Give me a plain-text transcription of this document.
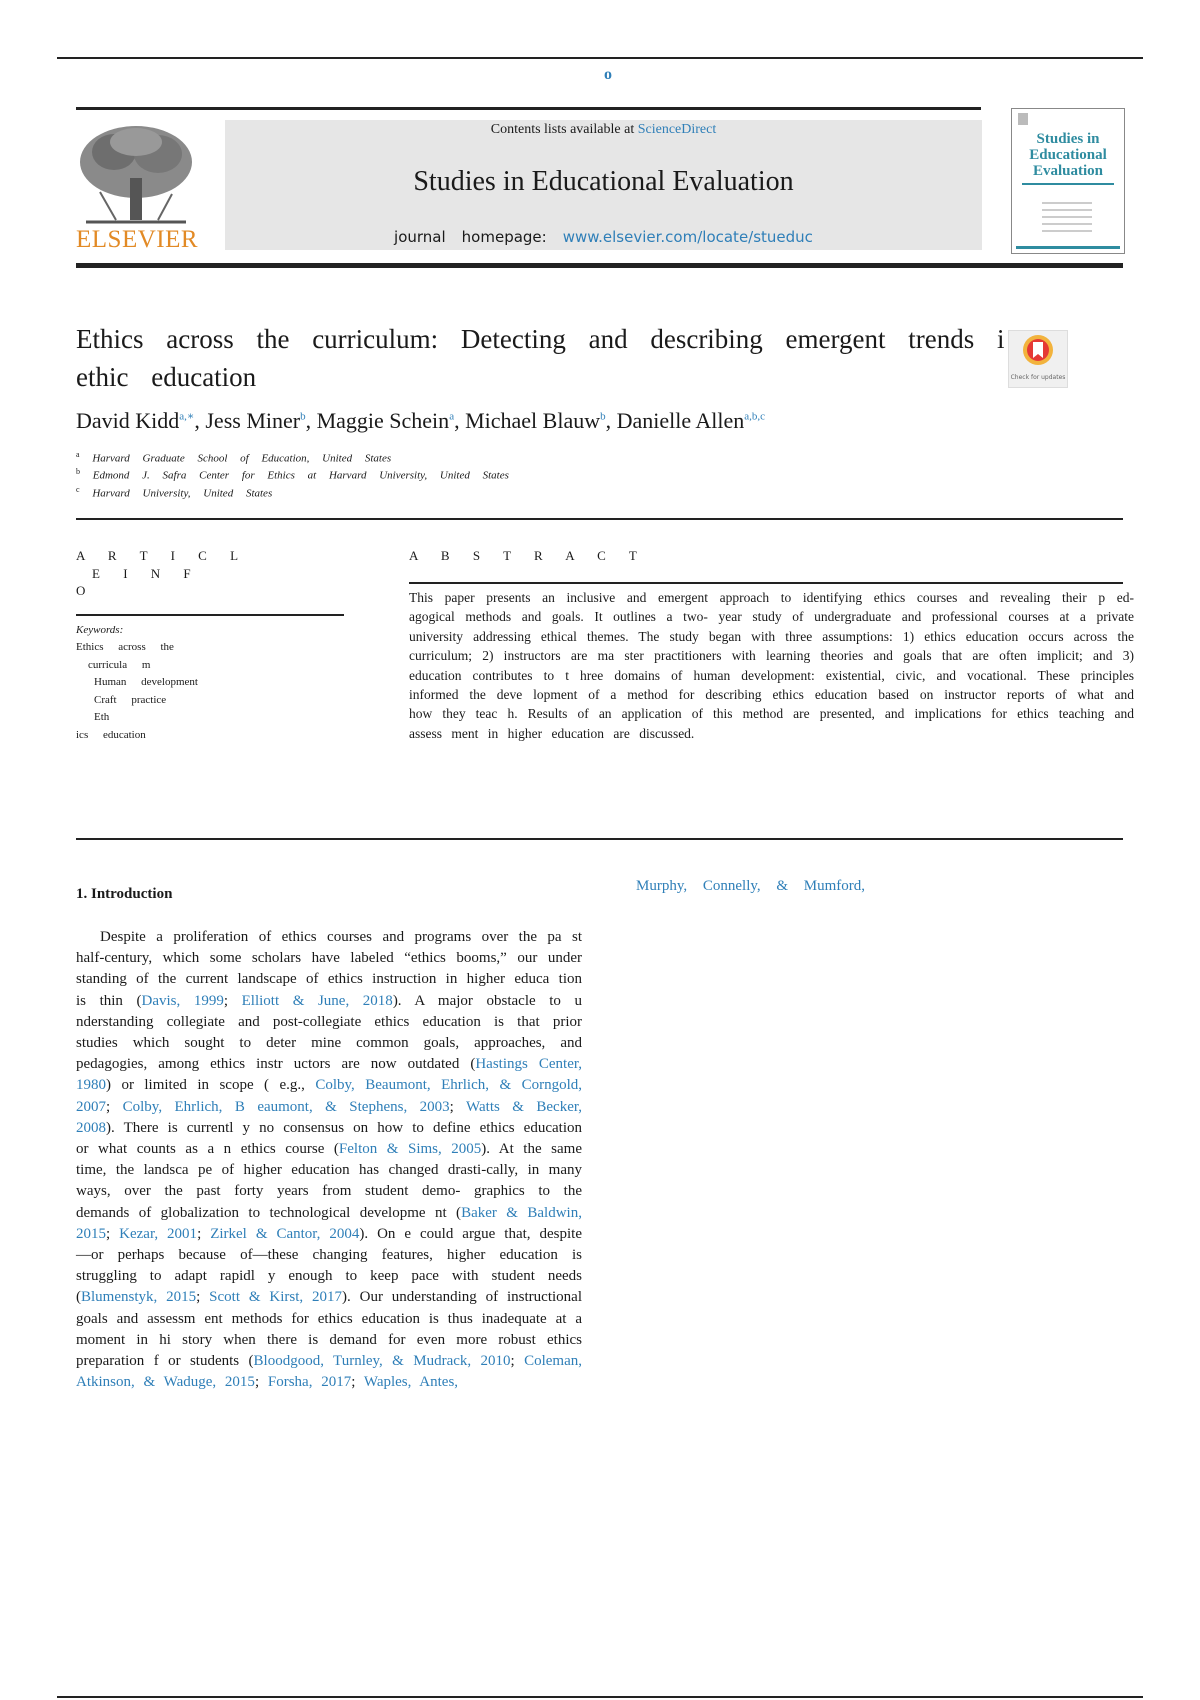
o
ELSEVIER
Contents lists available at ScienceDirect
Studies in Educational Evaluation
journal homepage: www.elsevier.com/locate/stueduc
Studies in Educational Evaluation
Ethics across the curriculum: Detecting and describing emergent trends i ethic education	Check for updates
David Kidd$^{a,∗}$, Jess Miner$^b$, Maggie Schein$^a$, Michael Blauw$^b$, Danielle Allen$^{a,b,c}$
$^a$ Harvard Graduate School of Education, United States
$^b$ Edmond J. Safra Center for Ethics at Harvard University, United States
$^c$ Harvard University, United States
A R T I C L
E I N F
O
Keywords:
Ethics across the
curricula m
Human development
Craft practice
Eth
ics education
A B S T R A C T
This paper presents an inclusive and emergent approach to identifying ethics courses and revealing their p ed- agogical methods and goals. It outlines a two- year study of undergraduate and professional courses at a private university addressing ethical themes. The study began with three assumptions: 1) ethics education occurs across the curriculum; 2) instructors are ma ster practitioners with learning theories and goals that are often implicit; and 3) education contributes to t hree domains of human development: existential, civic, and vocational. These principles informed the deve lopment of a method for describing ethics education based on instructor reports of what and how they teac h. Results of an application of this method are presented, and implications for ethics teaching and assess ment in higher education are discussed.
1. Introduction	Murphy, Connelly, & Mumford,
Despite a proliferation of ethics courses and programs over the pa st half-century, which some scholars have labeled “ethics booms,” our under standing of the current landscape of ethics instruction in higher educa tion is thin (Davis, 1999; Elliott & June, 2018). A major obstacle to u nderstanding collegiate and post-collegiate ethics education is that prior studies which sought to deter mine common goals, approaches, and pedagogies, among ethics instr uctors are now outdated (Hastings Center, 1980) or limited in scope ( e.g., Colby, Beaumont, Ehrlich, & Corngold, 2007; Colby, Ehrlich, B eaumont, & Stephens, 2003; Watts & Becker, 2008). There is currentl y no consensus on how to define ethics education or what counts as a n ethics course (Felton & Sims, 2005). At the same time, the landsca pe of higher education has changed drasti-cally, in many ways, over the past forty years from student demo- graphics to the demands of globalization to technological developme nt (Baker & Baldwin, 2015; Kezar, 2001; Zirkel & Cantor, 2004). On e could argue that, despite—or perhaps because of—these changing features, higher education is struggling to adapt rapidl y enough to keep pace with student needs (Blumenstyk, 2015; Scott & Kirst, 2017). Our understanding of instructional goals and assessm ent methods for ethics education is thus inadequate at a moment in hi story when there is demand for even more robust ethics preparation f or students (Bloodgood, Turnley, & Mudrack, 2010; Coleman, Atkinson, & Waduge, 2015; Forsha, 2017; Waples, Antes,
